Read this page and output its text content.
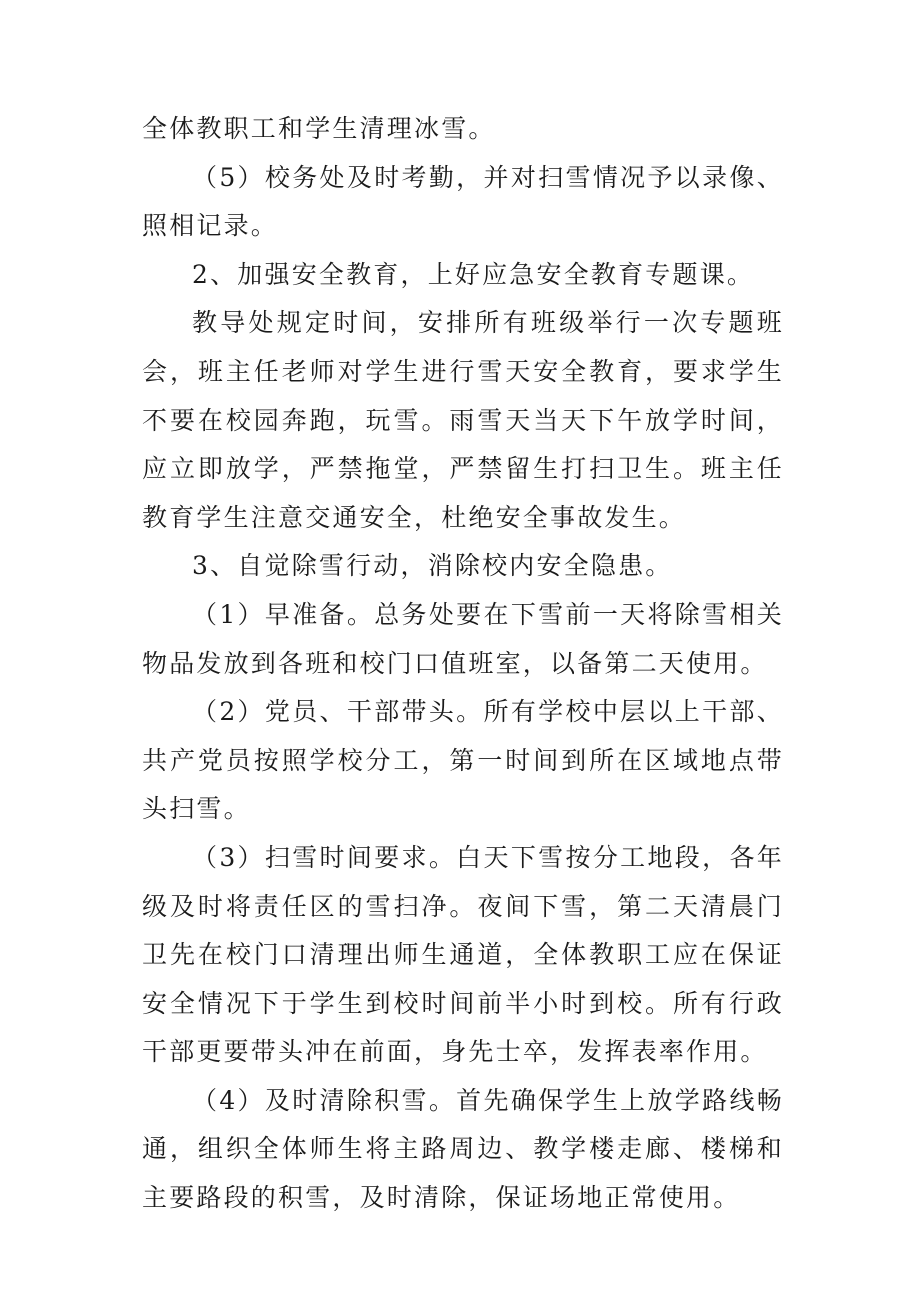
全体教职工和学生清理冰雪。

（5）校务处及时考勤，并对扫雪情况予以录像、照相记录。

2、加强安全教育，上好应急安全教育专题课。

教导处规定时间，安排所有班级举行一次专题班会，班主任老师对学生进行雪天安全教育，要求学生不要在校园奔跑，玩雪。雨雪天当天下午放学时间，应立即放学，严禁拖堂，严禁留生打扫卫生。班主任教育学生注意交通安全，杜绝安全事故发生。

3、自觉除雪行动，消除校内安全隐患。

（1）早准备。总务处要在下雪前一天将除雪相关物品发放到各班和校门口值班室，以备第二天使用。

（2）党员、干部带头。所有学校中层以上干部、共产党员按照学校分工，第一时间到所在区域地点带头扫雪。

（3）扫雪时间要求。白天下雪按分工地段，各年级及时将责任区的雪扫净。夜间下雪，第二天清晨门卫先在校门口清理出师生通道，全体教职工应在保证安全情况下于学生到校时间前半小时到校。所有行政干部更要带头冲在前面，身先士卒，发挥表率作用。

（4）及时清除积雪。首先确保学生上放学路线畅通，组织全体师生将主路周边、教学楼走廊、楼梯和主要路段的积雪，及时清除，保证场地正常使用。
